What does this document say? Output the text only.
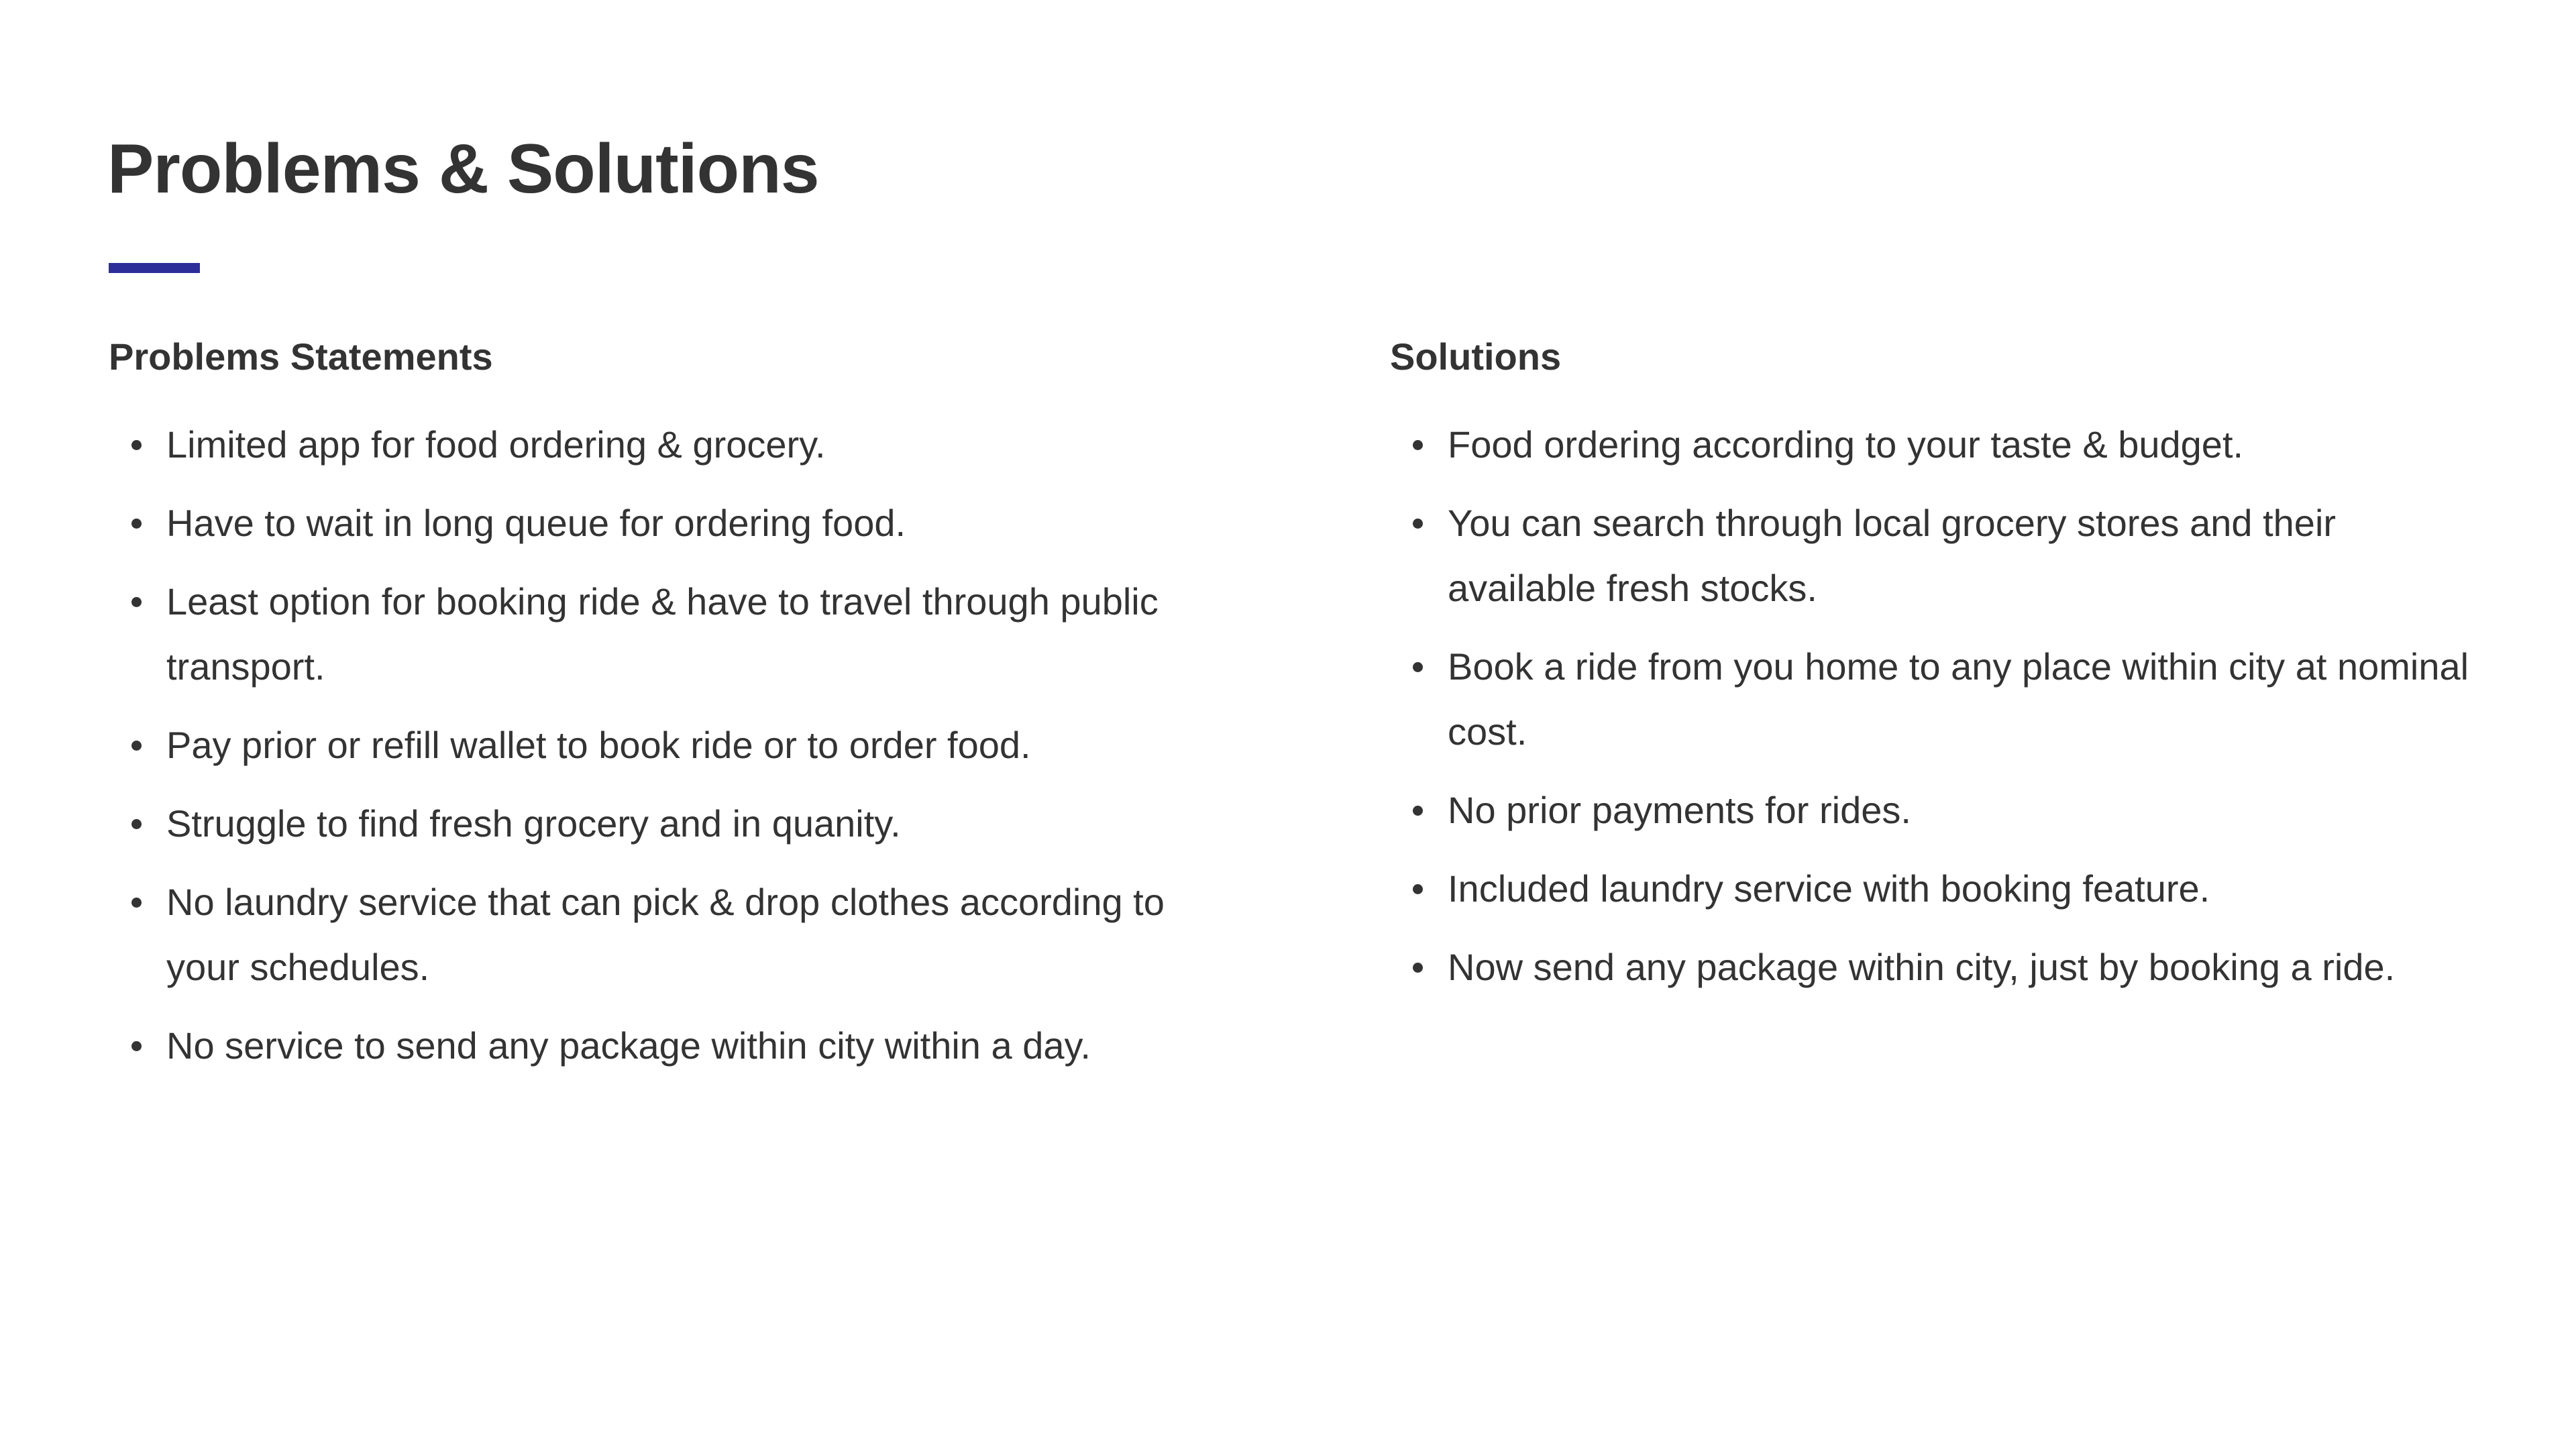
Problems & Solutions
Problems Statements
Limited app for food ordering & grocery.
Have to wait in long queue for ordering food.
Least option for booking ride & have to travel through public transport.
Pay prior or refill wallet to book ride or to order food.
Struggle to find fresh grocery and in quanity.
No laundry service that can pick & drop clothes according to your schedules.
No service to send any package within city within a day.
Solutions
Food ordering according to your taste & budget.
You can search through local grocery stores and their available fresh stocks.
Book a ride from you home to any place within city at nominal cost.
No prior payments for rides.
Included laundry service with booking feature.
Now send any package within city, just by booking a ride.
